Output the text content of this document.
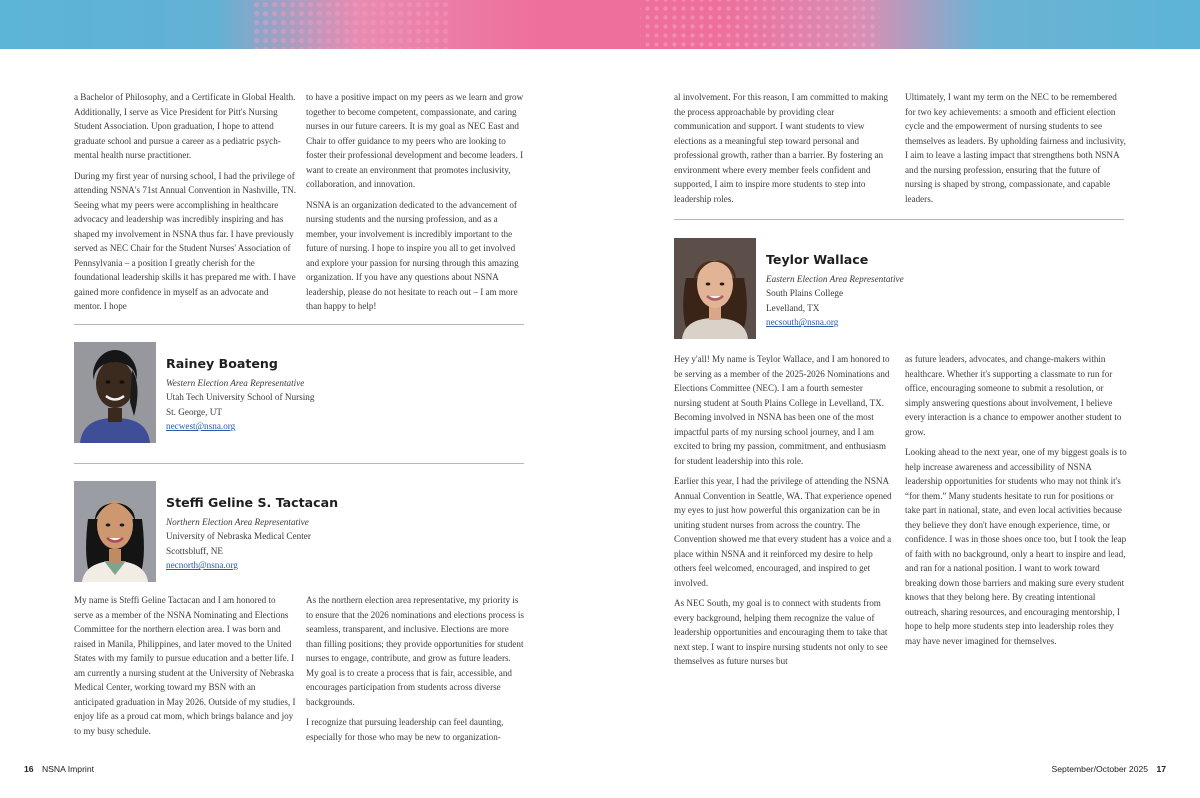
a Bachelor of Philosophy, and a Certificate in Global Health. Additionally, I serve as Vice President for Pitt's Nursing Student Association. Upon graduation, I hope to attend graduate school and pursue a career as a pediatric psych-mental health nurse practitioner.

During my first year of nursing school, I had the privilege of attending NSNA's 71st Annual Convention in Nashville, TN. Seeing what my peers were accomplishing in healthcare advocacy and leadership was incredibly inspiring and has shaped my involvement in NSNA thus far. I have previously served as NEC Chair for the Student Nurses' Association of Pennsylvania – a position I greatly cherish for the foundational leadership skills it has prepared me with. I have gained more confidence in myself as an advocate and mentor. I hope

to have a positive impact on my peers as we learn and grow together to become competent, compassionate, and caring nurses in our future careers. It is my goal as NEC East and Chair to offer guidance to my peers who are looking to foster their professional development and become leaders. I want to create an environment that promotes inclusivity, collaboration, and innovation.

NSNA is an organization dedicated to the advancement of nursing students and the nursing profession, and as a member, your involvement is incredibly important to the future of nursing. I hope to inspire you all to get involved and explore your passion for nursing through this amazing organization. If you have any questions about NSNA leadership, please do not hesitate to reach out – I am more than happy to help!

Rainey Boateng
Western Election Area Representative
Utah Tech University School of Nursing
St. George, UT
necwest@nsna.org
Steffi Geline S. Tactacan
Northern Election Area Representative
University of Nebraska Medical Center
Scottsbluff, NE
necnorth@nsna.org

My name is Steffi Geline Tactacan and I am honored to serve as a member of the NSNA Nominating and Elections Committee for the northern election area. I was born and raised in Manila, Philippines, and later moved to the United States with my family to pursue education and a better life. I am currently a nursing student at the University of Nebraska Medical Center, working toward my BSN with an anticipated graduation in May 2026. Outside of my studies, I enjoy life as a proud cat mom, which brings balance and joy to my busy schedule.

As the northern election area representative, my priority is to ensure that the 2026 nominations and elections process is seamless, transparent, and inclusive. Elections are more than filling positions; they provide opportunities for student nurses to engage, contribute, and grow as future leaders. My goal is to create a process that is fair, accessible, and encourages participation from students across diverse backgrounds.

I recognize that pursuing leadership can feel daunting, especially for those who may be new to organization-

al involvement. For this reason, I am committed to making the process approachable by providing clear communication and support. I want students to view elections as a meaningful step toward personal and professional growth, rather than a barrier. By fostering an environment where every member feels confident and supported, I aim to inspire more students to step into leadership roles.

Ultimately, I want my term on the NEC to be remembered for two key achievements: a smooth and efficient election cycle and the empowerment of nursing students to see themselves as leaders. By upholding fairness and inclusivity, I aim to leave a lasting impact that strengthens both NSNA and the nursing profession, ensuring that the future of nursing is shaped by strong, compassionate, and capable leaders.

Teylor Wallace
Eastern Election Area Representative
South Plains College
Levelland, TX
necsouth@nsna.org

Hey y'all! My name is Teylor Wallace, and I am honored to be serving as a member of the 2025-2026 Nominations and Elections Committee (NEC). I am a fourth semester nursing student at South Plains College in Levelland, TX. Becoming involved in NSNA has been one of the most impactful parts of my nursing school journey, and I am excited to bring my passion, commitment, and enthusiasm for student leadership into this role.

Earlier this year, I had the privilege of attending the NSNA Annual Convention in Seattle, WA. That experience opened my eyes to just how powerful this organization can be in uniting student nurses from across the country. The Convention showed me that every student has a voice and a place within NSNA and it reinforced my desire to help others feel welcomed, encouraged, and inspired to get involved.

As NEC South, my goal is to connect with students from every background, helping them recognize the value of leadership opportunities and encouraging them to take that next step. I want to inspire nursing students not only to see themselves as future nurses but

as future leaders, advocates, and change-makers within healthcare. Whether it's supporting a classmate to run for office, encouraging someone to submit a resolution, or simply answering questions about involvement, I believe every interaction is a chance to empower another student to grow.

Looking ahead to the next year, one of my biggest goals is to help increase awareness and accessibility of NSNA leadership opportunities for students who may not think it's “for them.” Many students hesitate to run for positions or take part in national, state, and even local activities because they believe they don't have enough experience, time, or confidence. I was in those shoes once too, but I took the leap of faith with no background, only a heart to inspire and lead, and ran for a national position. I want to work toward breaking down those barriers and making sure every student knows that they belong here. By creating intentional outreach, sharing resources, and encouraging mentorship, I hope to help more students step into leadership roles they may have never imagined for themselves.

16 NSNA Imprint	September/October 2025 17
